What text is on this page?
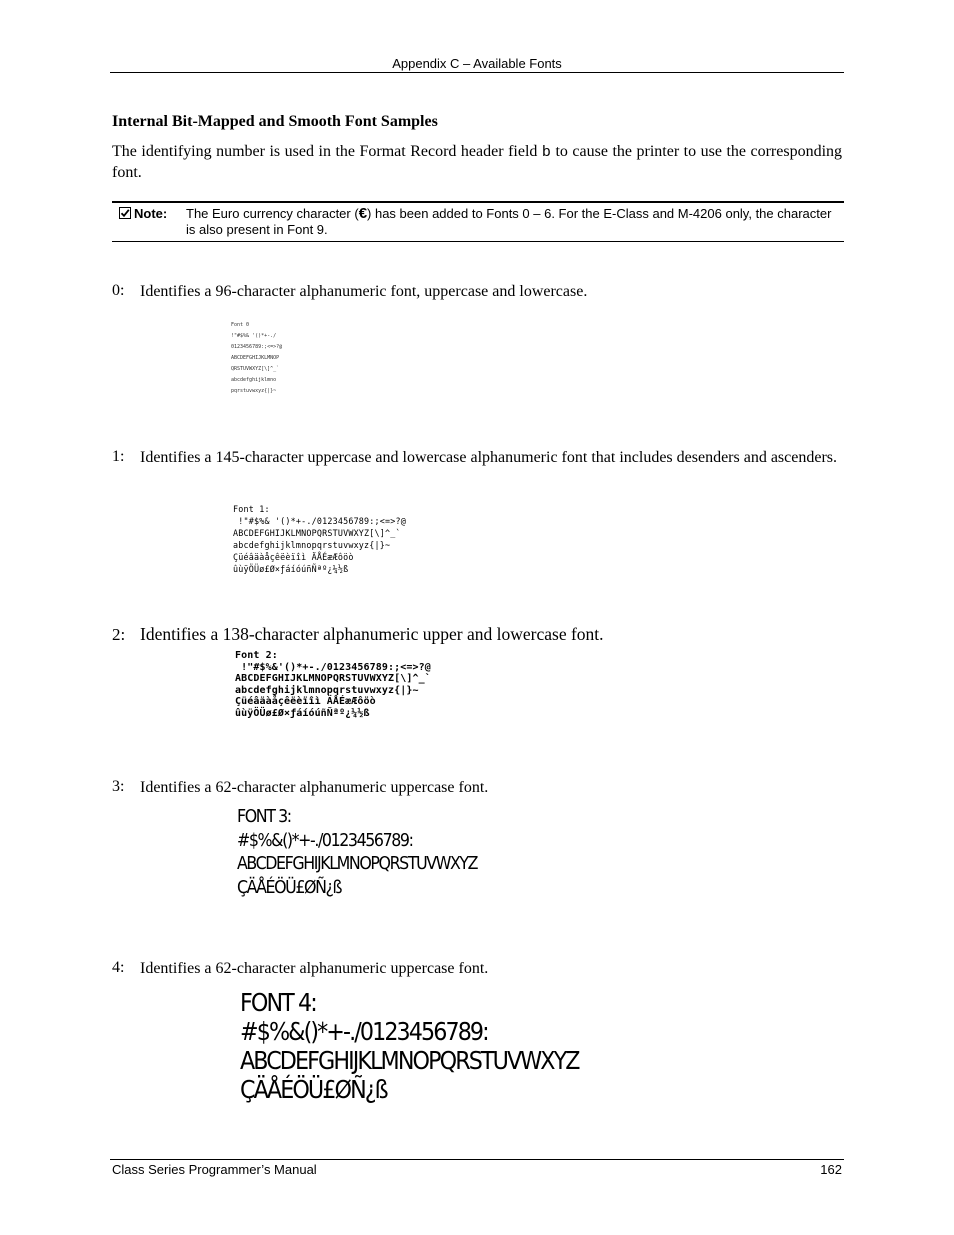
Appendix C – Available Fonts
Internal Bit-Mapped and Smooth Font Samples
The identifying number is used in the Format Record header field b to cause the printer to use the corresponding font.
Note: The Euro currency character (€) has been added to Fonts 0 – 6. For the E-Class and M-4206 only, the character is also present in Font 9.
0: Identifies a 96-character alphanumeric font, uppercase and lowercase.
Font 0
!"#$%& '()*+-./
0123456789:;<=>?@
ABCDEFGHIJKLMNOP
QRSTUVWXYZ[\]^_`
abcdefghijklmno
pqrstuvwxyz{|}~
1: Identifies a 145-character uppercase and lowercase alphanumeric font that includes desenders and ascenders.
Font 1:
!"#$%& '()*+-./0123456789:;<=>?@
ABCDEFGHIJKLMNOPQRSTUVWXYZ[\]^_`
abcdefghijklmnopqrstuvwxyz{|}~
Çüéâäàåçêëèïîì ÄÅÉæÆôöò
ûùÿÖÜø£Ø×ƒáíóúñÑªº¿¼½ß
2: Identifies a 138-character alphanumeric upper and lowercase font.
Font 2:
!"#$%&'()*+-./0123456789:;<=>?@
ABCDEFGHIJKLMNOPQRSTUVWXYZ[\]^_`
abcdefghijklmnopqrstuvwxyz{|}~
Çüéâäàåçêëèïîì ÄÅÉæÆôöò
ûùÿÖÜø£Ø×ƒáíóúñÑªº¿¼½ß
3: Identifies a 62-character alphanumeric uppercase font.
FONT 3:
#$%&()*+-./0123456789:
ABCDEFGHIJKLMNOPQRSTUVWXYZ
ÇÄÅÉÖÜ£ØÑ¿ß
4: Identifies a 62-character alphanumeric uppercase font.
FONT 4:
#$%&()*+-./0123456789:
ABCDEFGHIJKLMNOPQRSTUVWXYZ
ÇÄÅÉÖÜ£ØÑ¿ß
Class Series Programmer’s Manual	162
